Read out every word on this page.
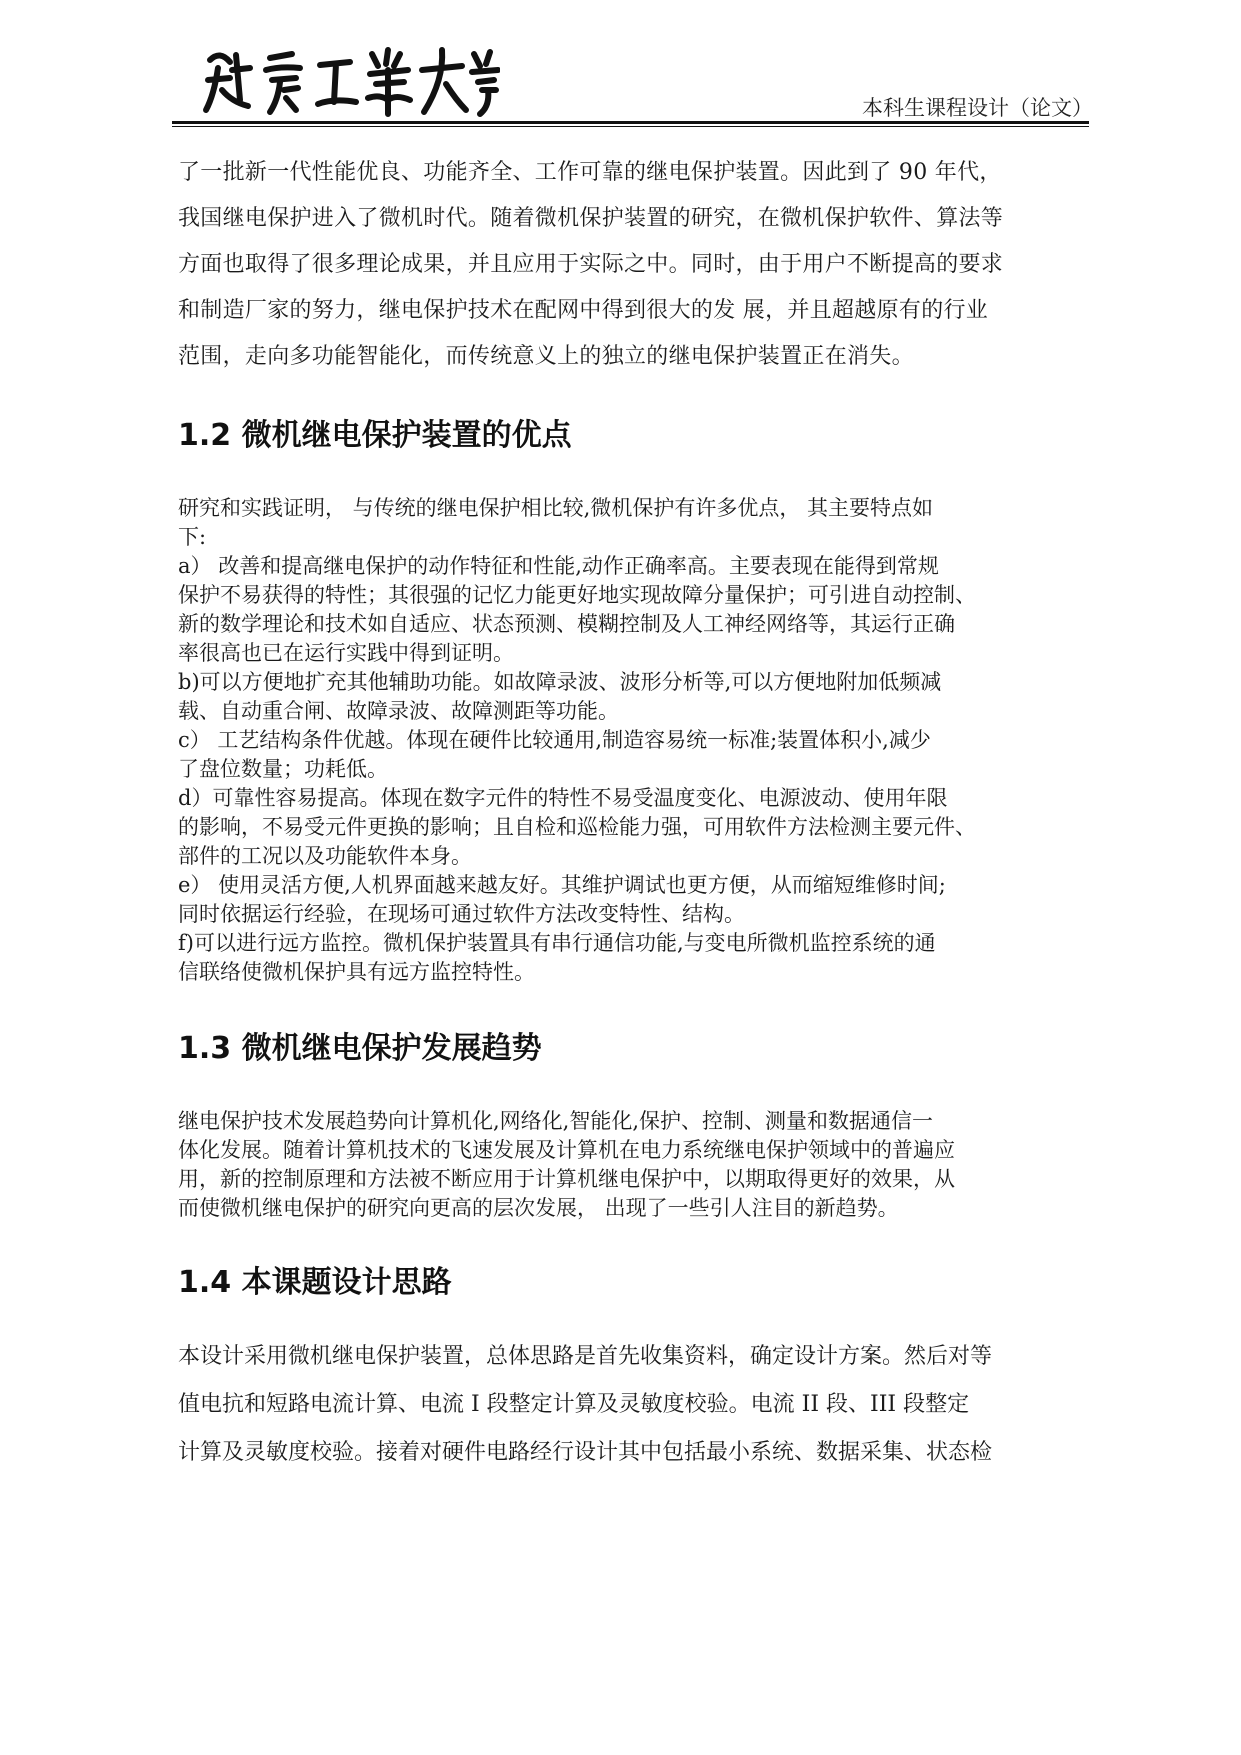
本科生课程设计（论文）

了一批新一代性能优良、功能齐全、工作可靠的继电保护装置。因此到了 90 年代，

我国继电保护进入了微机时代。随着微机保护装置的研究，在微机保护软件、算法等

方面也取得了很多理论成果，并且应用于实际之中。同时，由于用户不断提高的要求

和制造厂家的努力，继电保护技术在配网中得到很大的发 展，并且超越原有的行业

范围，走向多功能智能化，而传统意义上的独立的继电保护装置正在消失。

1.2 微机继电保护装置的优点

研究和实践证明， 与传统的继电保护相比较,微机保护有许多优点， 其主要特点如

下:

a） 改善和提高继电保护的动作特征和性能,动作正确率高。主要表现在能得到常规

保护不易获得的特性；其很强的记忆力能更好地实现故障分量保护；可引进自动控制、

新的数学理论和技术如自适应、状态预测、模糊控制及人工神经网络等，其运行正确

率很高也已在运行实践中得到证明。

b)可以方便地扩充其他辅助功能。如故障录波、波形分析等,可以方便地附加低频减

载、自动重合闸、故障录波、故障测距等功能。

c） 工艺结构条件优越。体现在硬件比较通用,制造容易统一标准;装置体积小,减少

了盘位数量；功耗低。

d）可靠性容易提高。体现在数字元件的特性不易受温度变化、电源波动、使用年限

的影响，不易受元件更换的影响；且自检和巡检能力强，可用软件方法检测主要元件、

部件的工况以及功能软件本身。

e） 使用灵活方便,人机界面越来越友好。其维护调试也更方便，从而缩短维修时间;

同时依据运行经验，在现场可通过软件方法改变特性、结构。

f)可以进行远方监控。微机保护装置具有串行通信功能,与变电所微机监控系统的通

信联络使微机保护具有远方监控特性。

1.3 微机继电保护发展趋势

继电保护技术发展趋势向计算机化,网络化,智能化,保护、控制、测量和数据通信一

体化发展。随着计算机技术的飞速发展及计算机在电力系统继电保护领域中的普遍应

用，新的控制原理和方法被不断应用于计算机继电保护中，以期取得更好的效果，从

而使微机继电保护的研究向更高的层次发展， 出现了一些引人注目的新趋势。

1.4 本课题设计思路

本设计采用微机继电保护装置，总体思路是首先收集资料，确定设计方案。然后对等

值电抗和短路电流计算、电流 I 段整定计算及灵敏度校验。电流 II 段、III 段整定

计算及灵敏度校验。接着对硬件电路经行设计其中包括最小系统、数据采集、状态检
